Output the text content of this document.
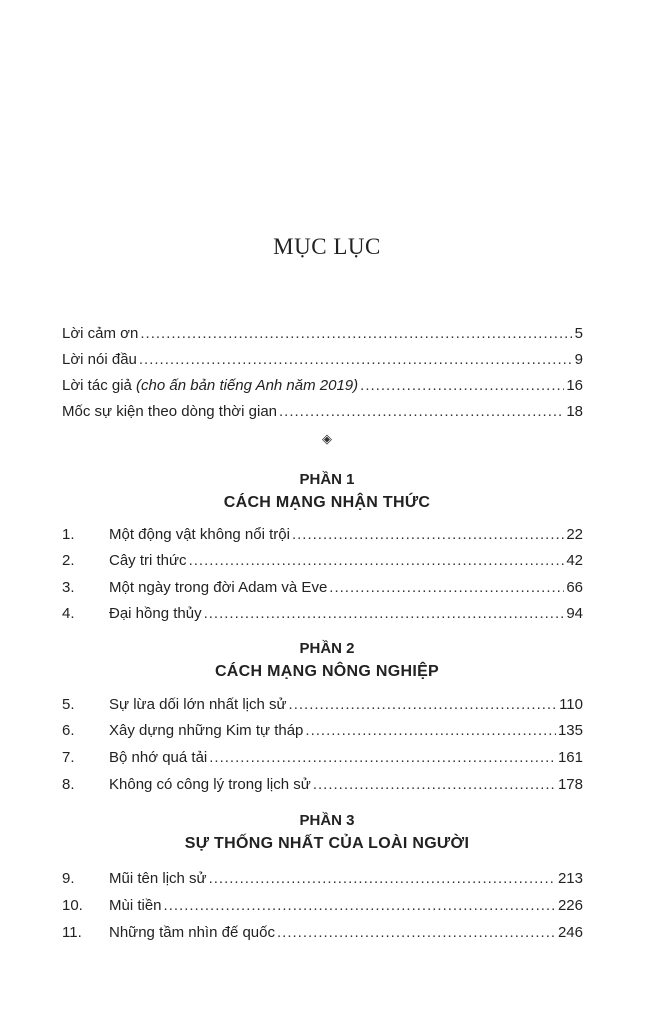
MỤC LỤC
Lời cảm ơn .....	5
Lời nói đầu .....	9
Lời tác giả (cho ấn bản tiếng Anh năm 2019) .....	16
Mốc sự kiện theo dòng thời gian .....	18
◈
PHẦN 1
CÁCH MẠNG NHẬN THỨC
1.	Một động vật không nổi trội .....	22
2.	Cây tri thức .....	42
3.	Một ngày trong đời Adam và Eve .....	66
4.	Đại hồng thủy .....	94
PHẦN 2
CÁCH MẠNG NÔNG NGHIỆP
5.	Sự lừa dối lớn nhất lịch sử .....	110
6.	Xây dựng những Kim tự tháp .....	135
7.	Bộ nhớ quá tải .....	161
8.	Không có công lý trong lịch sử .....	178
PHẦN 3
SỰ THỐNG NHẤT CỦA LOÀI NGƯỜI
9.	Mũi tên lịch sử .....	213
10.	Mùi tiền .....	226
11.	Những tầm nhìn đế quốc .....	246
